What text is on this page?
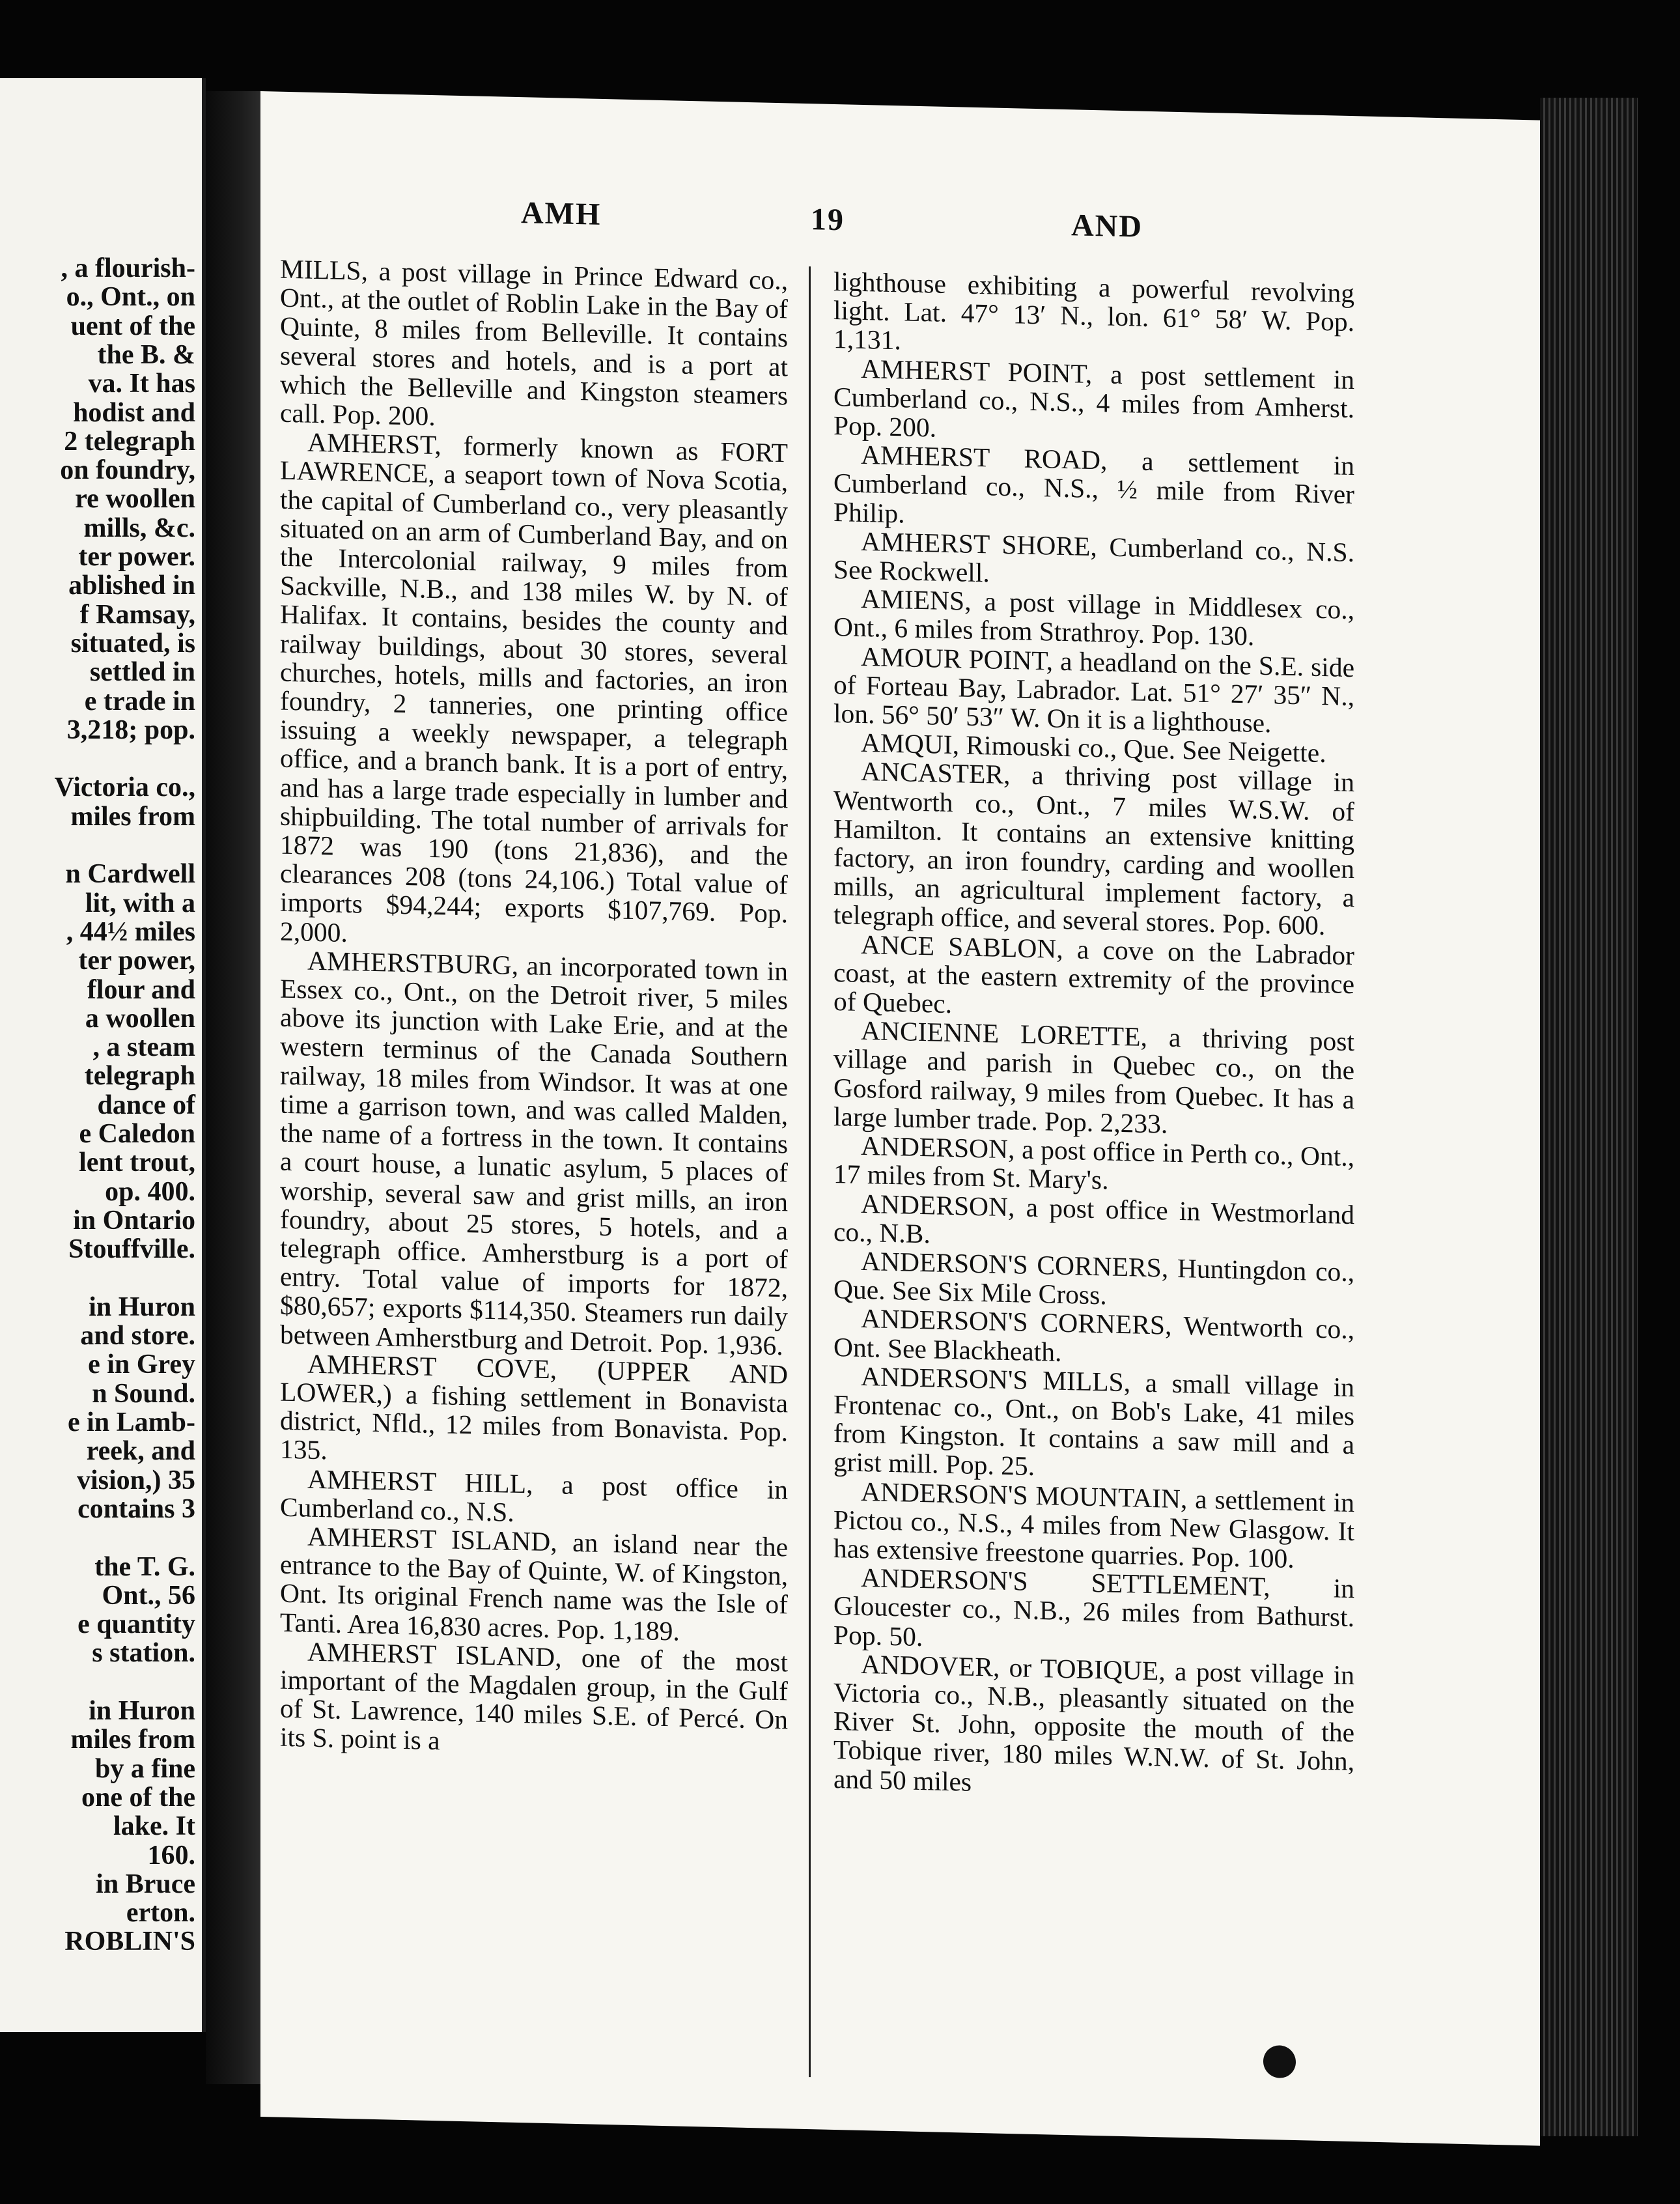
, a flourish-
o., Ont., on
uent of the
the B. &
va. It has
hodist and
2 telegraph
on foundry,
re woollen
mills, &c.
ter power.
ablished in
f Ramsay,
situated, is
settled in
e trade in
3,218; pop.
Victoria co.,
miles from
n Cardwell
lit, with a
, 44½ miles
ter power,
flour and
a woollen
, a steam
telegraph
dance of
e Caledon
lent trout,
op. 400.
in Ontario
Stouffville.
in Huron
and store.
e in Grey
n Sound.
e in Lamb-
reek, and
vision,) 35
contains 3
the T. G.
Ont., 56
e quantity
s station.
in Huron
miles from
by a fine
one of the
lake. It
160.
in Bruce
erton.
ROBLIN'S
AMH	19	AND

MILLS, a post village in Prince Edward co., Ont., at the outlet of Roblin Lake in the Bay of Quinte, 8 miles from Belleville. It contains several stores and hotels, and is a port at which the Belleville and Kingston steamers call. Pop. 200.

AMHERST, formerly known as FORT LAWRENCE, a seaport town of Nova Scotia, the capital of Cumberland co., very pleasantly situated on an arm of Cumberland Bay, and on the Intercolonial railway, 9 miles from Sackville, N.B., and 138 miles W. by N. of Halifax. It contains, besides the county and railway buildings, about 30 stores, several churches, hotels, mills and factories, an iron foundry, 2 tanneries, one printing office issuing a weekly newspaper, a telegraph office, and a branch bank. It is a port of entry, and has a large trade especially in lumber and shipbuilding. The total number of arrivals for 1872 was 190 (tons 21,836), and the clearances 208 (tons 24,106.) Total value of imports $94,244; exports $107,769. Pop. 2,000.

AMHERSTBURG, an incorporated town in Essex co., Ont., on the Detroit river, 5 miles above its junction with Lake Erie, and at the western terminus of the Canada Southern railway, 18 miles from Windsor. It was at one time a garrison town, and was called Malden, the name of a fortress in the town. It contains a court house, a lunatic asylum, 5 places of worship, several saw and grist mills, an iron foundry, about 25 stores, 5 hotels, and a telegraph office. Amherstburg is a port of entry. Total value of imports for 1872, $80,657; exports $114,350. Steamers run daily between Amherstburg and Detroit. Pop. 1,936.

AMHERST COVE, (UPPER AND LOWER,) a fishing settlement in Bonavista district, Nfld., 12 miles from Bonavista. Pop. 135.

AMHERST HILL, a post office in Cumberland co., N.S.

AMHERST ISLAND, an island near the entrance to the Bay of Quinte, W. of Kingston, Ont. Its original French name was the Isle of Tanti. Area 16,830 acres. Pop. 1,189.

AMHERST ISLAND, one of the most important of the Magdalen group, in the Gulf of St. Lawrence, 140 miles S.E. of Percé. On its S. point is a

lighthouse exhibiting a powerful revolving light. Lat. 47° 13′ N., lon. 61° 58′ W. Pop. 1,131.

AMHERST POINT, a post settlement in Cumberland co., N.S., 4 miles from Amherst. Pop. 200.

AMHERST ROAD, a settlement in Cumberland co., N.S., ½ mile from River Philip.

AMHERST SHORE, Cumberland co., N.S. See Rockwell.

AMIENS, a post village in Middlesex co., Ont., 6 miles from Strathroy. Pop. 130.

AMOUR POINT, a headland on the S.E. side of Forteau Bay, Labrador. Lat. 51° 27′ 35″ N., lon. 56° 50′ 53″ W. On it is a lighthouse.

AMQUI, Rimouski co., Que. See Neigette.

ANCASTER, a thriving post village in Wentworth co., Ont., 7 miles W.S.W. of Hamilton. It contains an extensive knitting factory, an iron foundry, carding and woollen mills, an agricultural implement factory, a telegraph office, and several stores. Pop. 600.

ANCE SABLON, a cove on the Labrador coast, at the eastern extremity of the province of Quebec.

ANCIENNE LORETTE, a thriving post village and parish in Quebec co., on the Gosford railway, 9 miles from Quebec. It has a large lumber trade. Pop. 2,233.

ANDERSON, a post office in Perth co., Ont., 17 miles from St. Mary's.

ANDERSON, a post office in Westmorland co., N.B.

ANDERSON'S CORNERS, Huntingdon co., Que. See Six Mile Cross.

ANDERSON'S CORNERS, Wentworth co., Ont. See Blackheath.

ANDERSON'S MILLS, a small village in Frontenac co., Ont., on Bob's Lake, 41 miles from Kingston. It contains a saw mill and a grist mill. Pop. 25.

ANDERSON'S MOUNTAIN, a settlement in Pictou co., N.S., 4 miles from New Glasgow. It has extensive freestone quarries. Pop. 100.

ANDERSON'S SETTLEMENT, in Gloucester co., N.B., 26 miles from Bathurst. Pop. 50.

ANDOVER, or TOBIQUE, a post village in Victoria co., N.B., pleasantly situated on the River St. John, opposite the mouth of the Tobique river, 180 miles W.N.W. of St. John, and 50 miles
